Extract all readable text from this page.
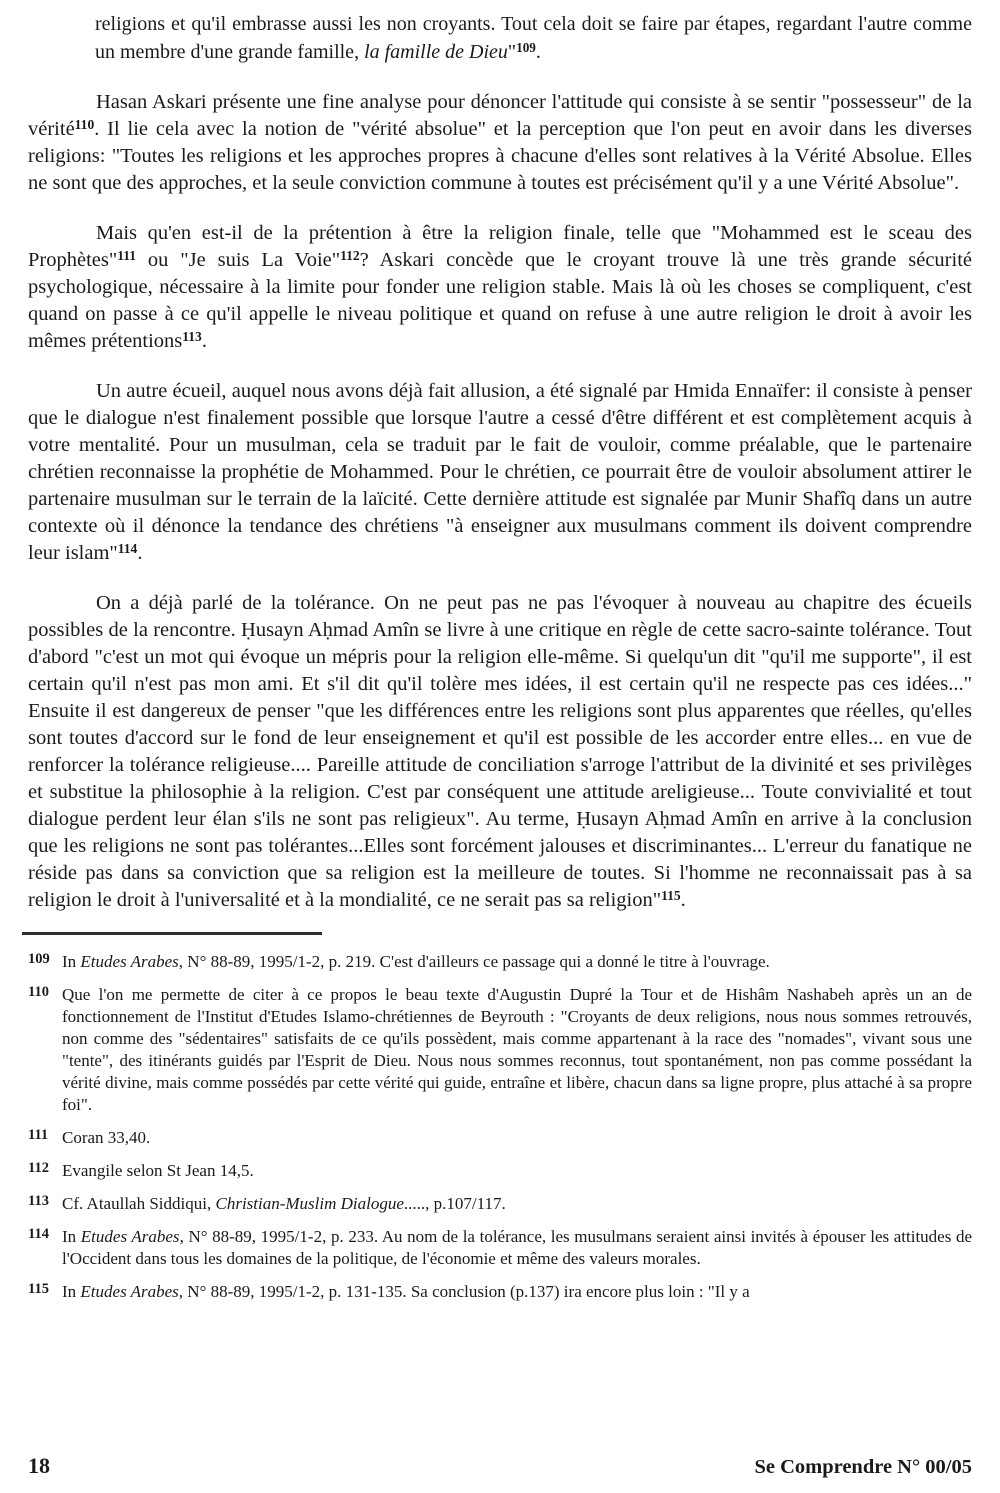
religions et qu'il embrasse aussi les non croyants. Tout cela doit se faire par étapes, regardant l'autre comme un membre d'une grande famille, la famille de Dieu"$^{109}$.

Hasan Askari présente une fine analyse pour dénoncer l'attitude qui consiste à se sentir "possesseur" de la vérité$^{110}$. Il lie cela avec la notion de "vérité absolue" et la perception que l'on peut en avoir dans les diverses religions: "Toutes les religions et les approches propres à chacune d'elles sont relatives à la Vérité Absolue. Elles ne sont que des approches, et la seule conviction commune à toutes est précisément qu'il y a une Vérité Absolue".

Mais qu'en est-il de la prétention à être la religion finale, telle que "Mohammed est le sceau des Prophètes"$^{111}$ ou "Je suis La Voie"$^{112}$? Askari concède que le croyant trouve là une très grande sécurité psychologique, nécessaire à la limite pour fonder une religion stable. Mais là où les choses se compliquent, c'est quand on passe à ce qu'il appelle le niveau politique et quand on refuse à une autre religion le droit à avoir les mêmes prétentions$^{113}$.

Un autre écueil, auquel nous avons déjà fait allusion, a été signalé par Hmida Ennaïfer: il consiste à penser que le dialogue n'est finalement possible que lorsque l'autre a cessé d'être différent et est complètement acquis à votre mentalité. Pour un musulman, cela se traduit par le fait de vouloir, comme préalable, que le partenaire chrétien reconnaisse la prophétie de Mohammed. Pour le chrétien, ce pourrait être de vouloir absolument attirer le partenaire musulman sur le terrain de la laïcité. Cette dernière attitude est signalée par Munir Shafîq dans un autre contexte où il dénonce la tendance des chrétiens "à enseigner aux musulmans comment ils doivent comprendre leur islam"$^{114}$.

On a déjà parlé de la tolérance. On ne peut pas ne pas l'évoquer à nouveau au chapitre des écueils possibles de la rencontre. Ḥusayn Aḥmad Amîn se livre à une critique en règle de cette sacro-sainte tolérance. Tout d'abord "c'est un mot qui évoque un mépris pour la religion elle-même. Si quelqu'un dit "qu'il me supporte", il est certain qu'il n'est pas mon ami. Et s'il dit qu'il tolère mes idées, il est certain qu'il ne respecte pas ces idées..." Ensuite il est dangereux de penser "que les différences entre les religions sont plus apparentes que réelles, qu'elles sont toutes d'accord sur le fond de leur enseignement et qu'il est possible de les accorder entre elles... en vue de renforcer la tolérance religieuse.... Pareille attitude de conciliation s'arroge l'attribut de la divinité et ses privilèges et substitue la philosophie à la religion. C'est par conséquent une attitude areligieuse... Toute convivialité et tout dialogue perdent leur élan s'ils ne sont pas religieux". Au terme, Ḥusayn Aḥmad Amîn en arrive à la conclusion que les religions ne sont pas tolérantes...Elles sont forcément jalouses et discriminantes... L'erreur du fanatique ne réside pas dans sa conviction que sa religion est la meilleure de toutes. Si l'homme ne reconnaissait pas à sa religion le droit à l'universalité et à la mondialité, ce ne serait pas sa religion"$^{115}$.

109 In Etudes Arabes, N° 88-89, 1995/1-2, p. 219. C'est d'ailleurs ce passage qui a donné le titre à l'ouvrage.
110 Que l'on me permette de citer à ce propos le beau texte d'Augustin Dupré la Tour et de Hishâm Nashabeh après un an de fonctionnement de l'Institut d'Etudes Islamo-chrétiennes de Beyrouth : "Croyants de deux religions, nous nous sommes retrouvés, non comme des "sédentaires" satisfaits de ce qu'ils possèdent, mais comme appartenant à la race des "nomades", vivant sous une "tente", des itinérants guidés par l'Esprit de Dieu. Nous nous sommes reconnus, tout spontanément, non pas comme possédant la vérité divine, mais comme possédés par cette vérité qui guide, entraîne et libère, chacun dans sa ligne propre, plus attaché à sa propre foi".
111 Coran 33,40.
112 Evangile selon St Jean 14,5.
113 Cf. Ataullah Siddiqui, Christian-Muslim Dialogue....., p.107/117.
114 In Etudes Arabes, N° 88-89, 1995/1-2, p. 233. Au nom de la tolérance, les musulmans seraient ainsi invités à épouser les attitudes de l'Occident dans tous les domaines de la politique, de l'économie et même des valeurs morales.
115 In Etudes Arabes, N° 88-89, 1995/1-2, p. 131-135. Sa conclusion (p.137) ira encore plus loin : "Il y a
18	Se Comprendre N° 00/05
